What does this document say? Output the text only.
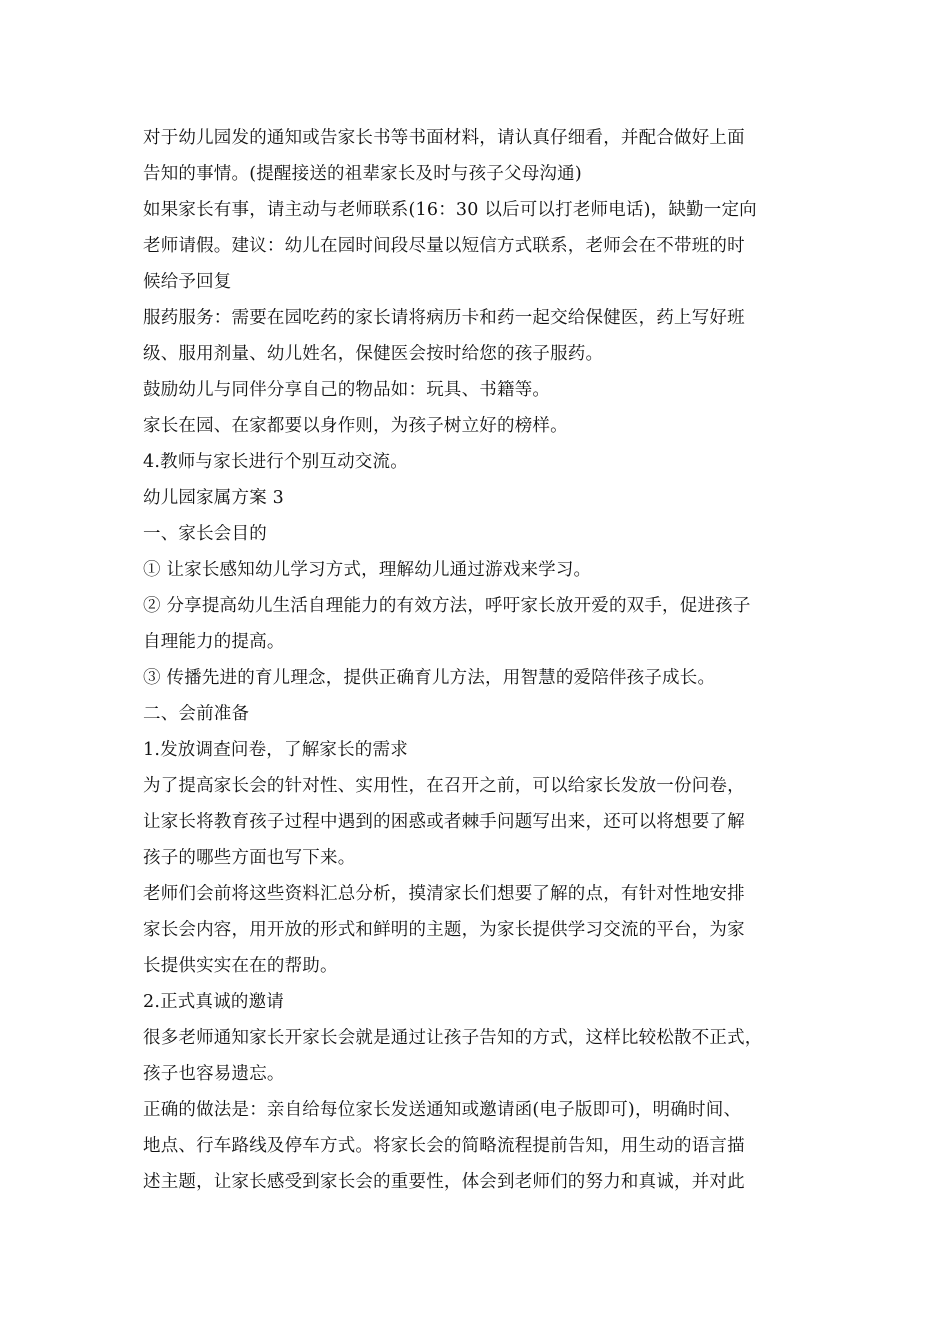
对于幼儿园发的通知或告家长书等书面材料，请认真仔细看，并配合做好上面
告知的事情。(提醒接送的祖辈家长及时与孩子父母沟通)
如果家长有事，请主动与老师联系(16：30 以后可以打老师电话)，缺勤一定向
老师请假。建议：幼儿在园时间段尽量以短信方式联系，老师会在不带班的时
候给予回复
服药服务：需要在园吃药的家长请将病历卡和药一起交给保健医，药上写好班
级、服用剂量、幼儿姓名，保健医会按时给您的孩子服药。
鼓励幼儿与同伴分享自己的物品如：玩具、书籍等。
家长在园、在家都要以身作则，为孩子树立好的榜样。
4.教师与家长进行个别互动交流。
幼儿园家属方案 3
一、家长会目的
① 让家长感知幼儿学习方式，理解幼儿通过游戏来学习。
② 分享提高幼儿生活自理能力的有效方法，呼吁家长放开爱的双手，促进孩子
自理能力的提高。
③ 传播先进的育儿理念，提供正确育儿方法，用智慧的爱陪伴孩子成长。
二、会前准备
1.发放调查问卷，了解家长的需求
为了提高家长会的针对性、实用性，在召开之前，可以给家长发放一份问卷，
让家长将教育孩子过程中遇到的困惑或者棘手问题写出来，还可以将想要了解
孩子的哪些方面也写下来。
老师们会前将这些资料汇总分析，摸清家长们想要了解的点，有针对性地安排
家长会内容，用开放的形式和鲜明的主题，为家长提供学习交流的平台，为家
长提供实实在在的帮助。
2.正式真诚的邀请
很多老师通知家长开家长会就是通过让孩子告知的方式，这样比较松散不正式，
孩子也容易遗忘。
正确的做法是：亲自给每位家长发送通知或邀请函(电子版即可)，明确时间、
地点、行车路线及停车方式。将家长会的简略流程提前告知，用生动的语言描
述主题，让家长感受到家长会的重要性，体会到老师们的努力和真诚，并对此
